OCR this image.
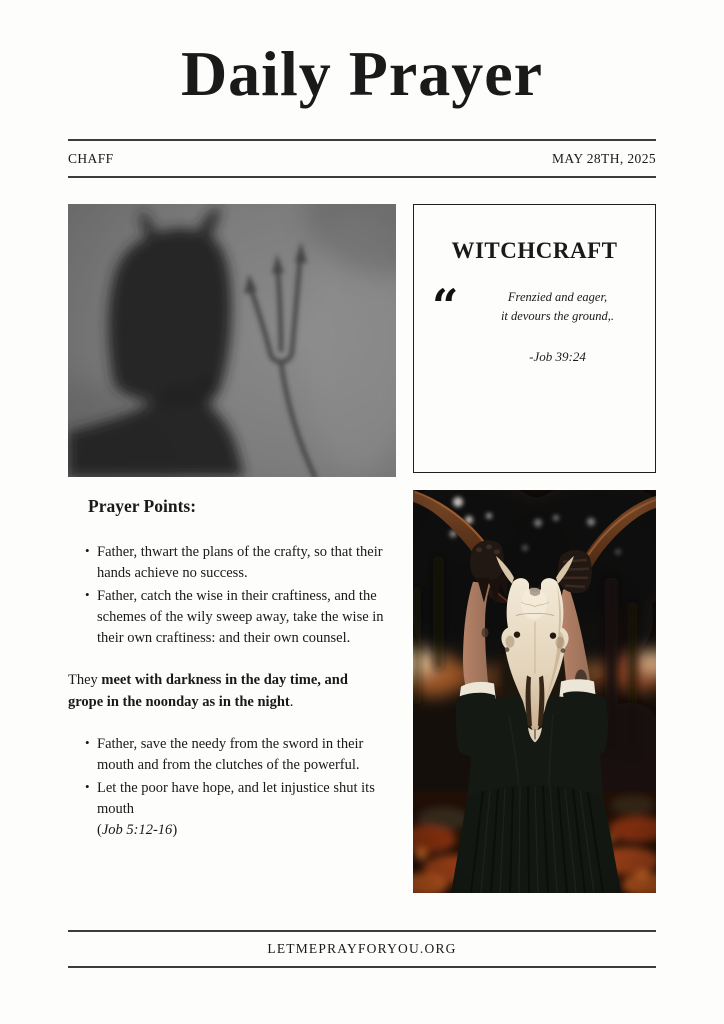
Daily Prayer
CHAFF	MAY 28TH, 2025
WITCHCRAFT
“	Frenzied and eager,
it devours the ground,.
-Job 39:24
Prayer Points:
• Father, thwart the plans of the crafty, so that their hands achieve no success.
• Father, catch the wise in their craftiness, and the schemes of the wily sweep away, take the wise in their own craftiness: and their own counsel.

They meet with darkness in the day time, and grope in the noonday as in the night.

• Father, save the needy from the sword in their mouth and from the clutches of the powerful.
• Let the poor have hope, and let injustice shut its mouth
(Job 5:12-16)
LETMEPRAYFORYOU.ORG
